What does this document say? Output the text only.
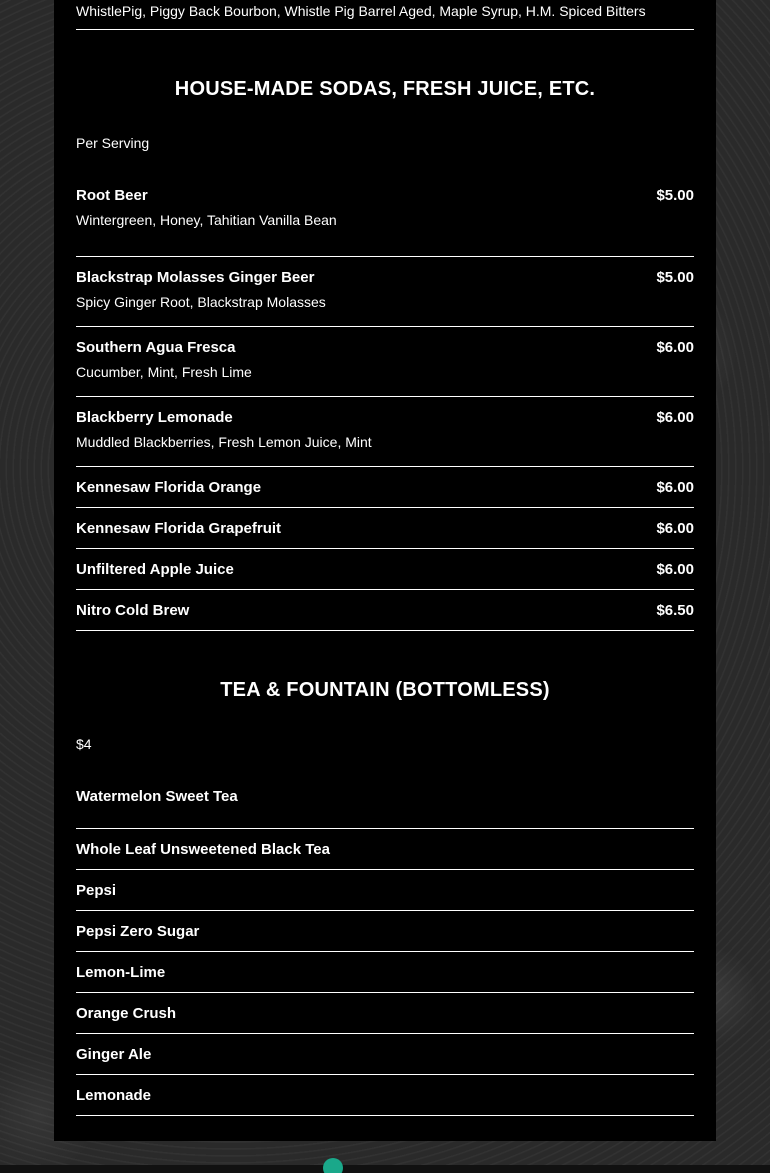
WhistlePig, Piggy Back Bourbon, Whistle Pig Barrel Aged, Maple Syrup, H.M. Spiced Bitters
HOUSE-MADE SODAS, FRESH JUICE, ETC.
Per Serving
Root Beer	$5.00
Wintergreen, Honey, Tahitian Vanilla Bean
Blackstrap Molasses Ginger Beer	$5.00
Spicy Ginger Root, Blackstrap Molasses
Southern Agua Fresca	$6.00
Cucumber, Mint, Fresh Lime
Blackberry Lemonade	$6.00
Muddled Blackberries, Fresh Lemon Juice, Mint
Kennesaw Florida Orange	$6.00
Kennesaw Florida Grapefruit	$6.00
Unfiltered Apple Juice	$6.00
Nitro Cold Brew	$6.50
TEA & FOUNTAIN (BOTTOMLESS)
$4
Watermelon Sweet Tea
Whole Leaf Unsweetened Black Tea
Pepsi
Pepsi Zero Sugar
Lemon-Lime
Orange Crush
Ginger Ale
Lemonade
